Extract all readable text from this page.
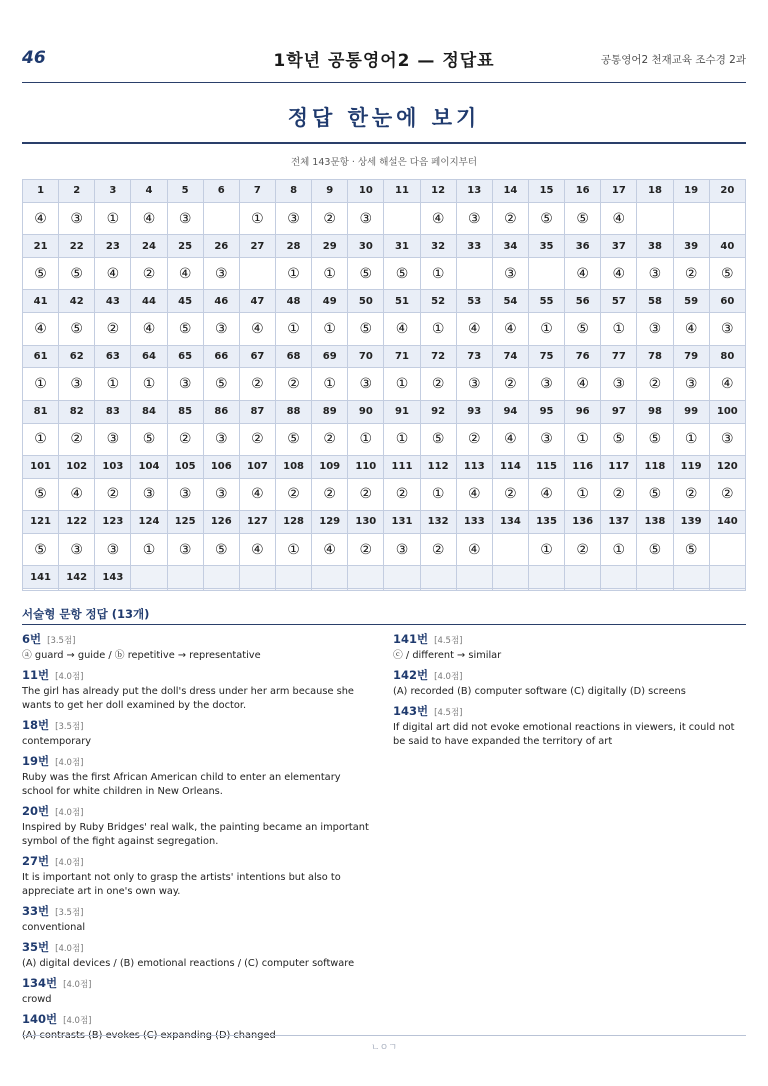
46	1학년 공통영어2 — 정답표	공통영어2 천재교육 조수경 2과
정답 한눈에 보기
전체 143문항 · 상세 해설은 다음 페이지부터
1	2	3	4	5	6	7	8	9	10	11	12	13	14	15	16	17	18	19	20
④	③	①	④	③		①	③	②	③		④	③	②	⑤	⑤	④			
21	22	23	24	25	26	27	28	29	30	31	32	33	34	35	36	37	38	39	40
⑤	⑤	④	②	④	③		①	①	⑤	⑤	①		③		④	④	③	②	⑤
41	42	43	44	45	46	47	48	49	50	51	52	53	54	55	56	57	58	59	60
④	⑤	②	④	⑤	③	④	①	①	⑤	④	①	④	④	①	⑤	①	③	④	③
61	62	63	64	65	66	67	68	69	70	71	72	73	74	75	76	77	78	79	80
①	③	①	①	③	⑤	②	②	①	③	①	②	③	②	③	④	③	②	③	④
81	82	83	84	85	86	87	88	89	90	91	92	93	94	95	96	97	98	99	100
①	②	③	⑤	②	③	②	⑤	②	①	①	⑤	②	④	③	①	⑤	⑤	①	③
101	102	103	104	105	106	107	108	109	110	111	112	113	114	115	116	117	118	119	120
⑤	④	②	③	③	③	④	②	②	②	②	①	④	②	④	①	②	⑤	②	②
121	122	123	124	125	126	127	128	129	130	131	132	133	134	135	136	137	138	139	140
⑤	③	③	①	③	⑤	④	①	④	②	③	②	④		①	②	①	⑤	⑤	
141	142	143																	

서술형 문항 정답 (13개)
6번 [3.5점]
ⓐ guard → guide / ⓑ repetitive → representative
11번 [4.0점]
The girl has already put the doll's dress under her arm because she wants to get her doll examined by the doctor.
18번 [3.5점]
contemporary
19번 [4.0점]
Ruby was the first African American child to enter an elementary school for white children in New Orleans.
20번 [4.0점]
Inspired by Ruby Bridges' real walk, the painting became an important symbol of the fight against segregation.
27번 [4.0점]
It is important not only to grasp the artists' intentions but also to appreciate art in one's own way.
33번 [3.5점]
conventional
35번 [4.0점]
(A) digital devices / (B) emotional reactions / (C) computer software
134번 [4.0점]
crowd
140번 [4.0점]
(A) contrasts (B) evokes (C) expanding (D) changed
141번 [4.5점]
ⓒ / different → similar
142번 [4.0점]
(A) recorded (B) computer software (C) digitally (D) screens
143번 [4.5점]
If digital art did not evoke emotional reactions in viewers, it could not be said to have expanded the territory of art
ㄴㅇㄱ
